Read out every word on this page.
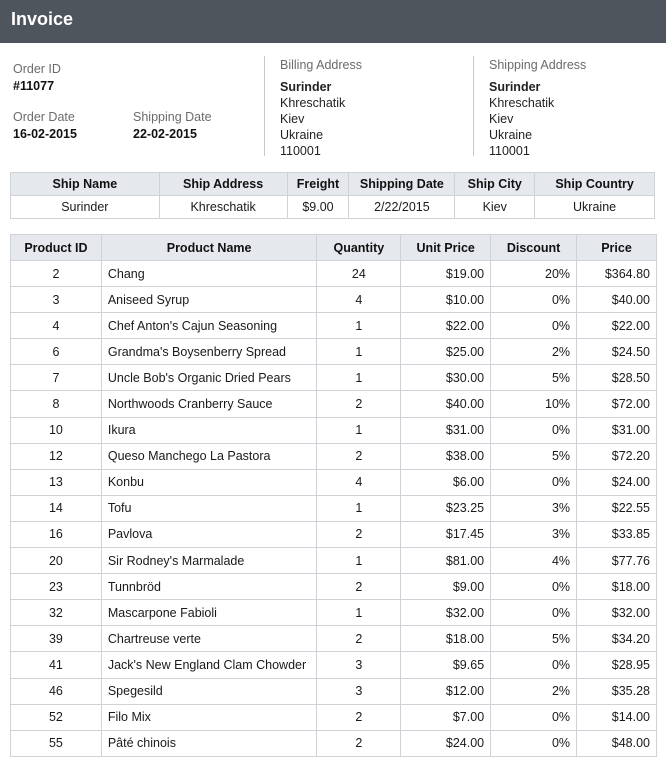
Invoice
Order ID
#11077
Order Date
16-02-2015
Shipping Date
22-02-2015
Billing Address
Surinder
Khreschatik
Kiev
Ukraine
110001
Shipping Address
Surinder
Khreschatik
Kiev
Ukraine
110001
Ship Name	Ship Address	Freight	Shipping Date	Ship City	Ship Country
Surinder	Khreschatik	$9.00	2/22/2015	Kiev	Ukraine
Product ID	Product Name	Quantity	Unit Price	Discount	Price
2	Chang	24	$19.00	20%	$364.80
3	Aniseed Syrup	4	$10.00	0%	$40.00
4	Chef Anton's Cajun Seasoning	1	$22.00	0%	$22.00
6	Grandma's Boysenberry Spread	1	$25.00	2%	$24.50
7	Uncle Bob's Organic Dried Pears	1	$30.00	5%	$28.50
8	Northwoods Cranberry Sauce	2	$40.00	10%	$72.00
10	Ikura	1	$31.00	0%	$31.00
12	Queso Manchego La Pastora	2	$38.00	5%	$72.20
13	Konbu	4	$6.00	0%	$24.00
14	Tofu	1	$23.25	3%	$22.55
16	Pavlova	2	$17.45	3%	$33.85
20	Sir Rodney's Marmalade	1	$81.00	4%	$77.76
23	Tunnbröd	2	$9.00	0%	$18.00
32	Mascarpone Fabioli	1	$32.00	0%	$32.00
39	Chartreuse verte	2	$18.00	5%	$34.20
41	Jack's New England Clam Chowder	3	$9.65	0%	$28.95
46	Spegesild	3	$12.00	2%	$35.28
52	Filo Mix	2	$7.00	0%	$14.00
55	Pâté chinois	2	$24.00	0%	$48.00
